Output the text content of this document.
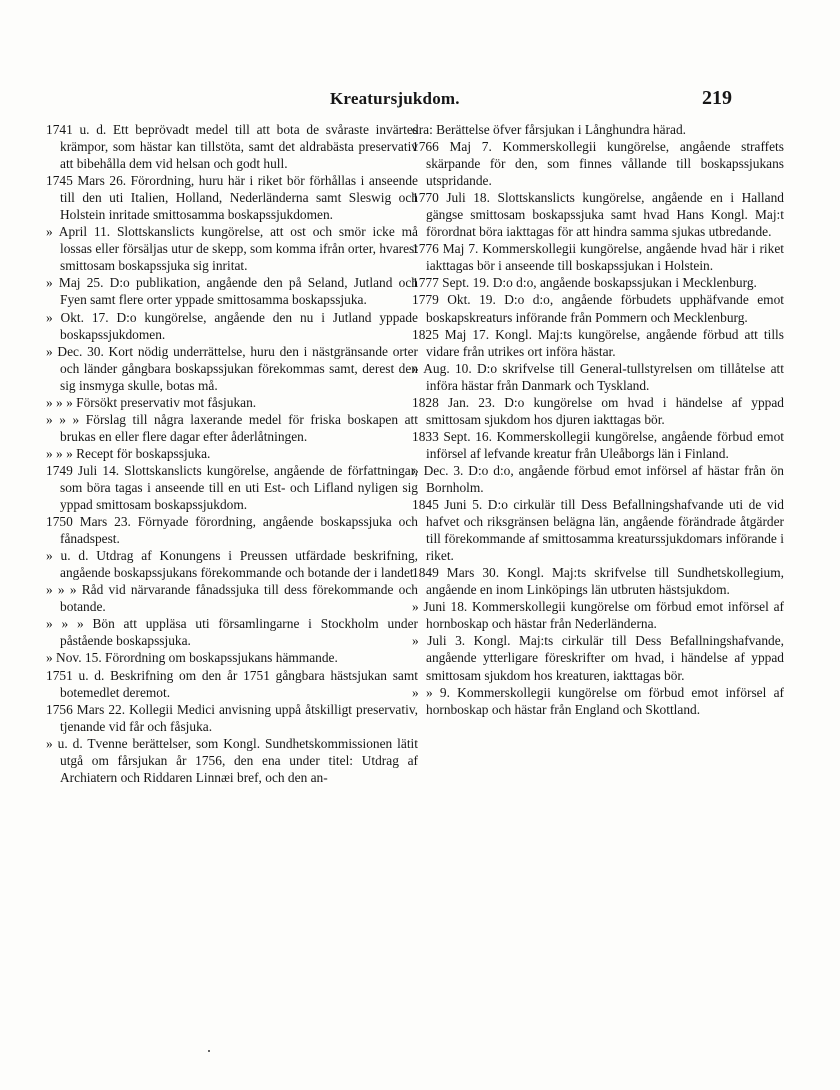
Kreatursjukdom.	219

1741 u. d. Ett beprövadt medel till att bota de svåraste invärtes krämpor, som hästar kan tillstöta, samt det aldrabästa preservativ att bibehålla dem vid helsan och godt hull.

1745 Mars 26. Förordning, huru här i riket bör förhållas i anseende till den uti Italien, Holland, Nederländerna samt Sleswig och Holstein inritade smittosamma boskapssjukdomen.

» April 11. Slottskanslicts kungörelse, att ost och smör icke må lossas eller försäljas utur de skepp, som komma ifrån orter, hvarest smittosam boskapssjuka sig inritat.

» Maj 25. D:o publikation, angående den på Seland, Jutland och Fyen samt flere orter yppade smittosamma boskapssjuka.

» Okt. 17. D:o kungörelse, angående den nu i Jutland yppade boskapssjukdomen.

» Dec. 30. Kort nödig underrättelse, huru den i nästgränsande orter och länder gångbara boskapssjukan förekommas samt, derest den sig insmyga skulle, botas må.

» » » Försökt preservativ mot fåsjukan.

» » » Förslag till några laxerande medel för friska boskapen att brukas en eller flere dagar efter åderlåtningen.

» » » Recept för boskapssjuka.

1749 Juli 14. Slottskanslicts kungörelse, angående de författningar, som böra tagas i anseende till en uti Est- och Lifland nyligen sig yppad smittosam boskapssjukdom.

1750 Mars 23. Förnyade förordning, angående boskapssjuka och fånadspest.

» u. d. Utdrag af Konungens i Preussen utfärdade beskrifning, angående boskapssjukans förekommande och botande der i landet.

» » » Råd vid närvarande fånadssjuka till dess förekommande och botande.

» » » Bön att uppläsa uti församlingarne i Stockholm under påstående boskapssjuka.

» Nov. 15. Förordning om boskapssjukans hämmande.

1751 u. d. Beskrifning om den år 1751 gångbara hästsjukan samt botemedlet deremot.

1756 Mars 22. Kollegii Medici anvisning uppå åtskilligt preservativ, tjenande vid får och fåsjuka.

» u. d. Tvenne berättelser, som Kongl. Sundhetskommissionen lätit utgå om fårsjukan år 1756, den ena under titel: Utdrag af Archiatern och Riddaren Linnæi bref, och den an-

dra: Berättelse öfver fårsjukan i Långhundra härad.

1766 Maj 7. Kommerskollegii kungörelse, angående straffets skärpande för den, som finnes vållande till boskapssjukans utspridande.

1770 Juli 18. Slottskanslicts kungörelse, angående en i Halland gängse smittosam boskapssjuka samt hvad Hans Kongl. Maj:t förordnat böra iakttagas för att hindra samma sjukas utbredande.

1776 Maj 7. Kommerskollegii kungörelse, angående hvad här i riket iakttagas bör i anseende till boskapssjukan i Holstein.

1777 Sept. 19. D:o d:o, angående boskapssjukan i Mecklenburg.

1779 Okt. 19. D:o d:o, angående förbudets upphäfvande emot boskapskreaturs införande från Pommern och Mecklenburg.

1825 Maj 17. Kongl. Maj:ts kungörelse, angående förbud att tills vidare från utrikes ort införa hästar.

» Aug. 10. D:o skrifvelse till General-tullstyrelsen om tillåtelse att införa hästar från Danmark och Tyskland.

1828 Jan. 23. D:o kungörelse om hvad i händelse af yppad smittosam sjukdom hos djuren iakttagas bör.

1833 Sept. 16. Kommerskollegii kungörelse, angående förbud emot införsel af lefvande kreatur från Uleåborgs län i Finland.

» Dec. 3. D:o d:o, angående förbud emot införsel af hästar från ön Bornholm.

1845 Juni 5. D:o cirkulär till Dess Befallningshafvande uti de vid hafvet och riksgränsen belägna län, angående förändrade åtgärder till förekommande af smittosamma kreaturssjukdomars införande i riket.

1849 Mars 30. Kongl. Maj:ts skrifvelse till Sundhetskollegium, angående en inom Linköpings län utbruten hästsjukdom.

» Juni 18. Kommerskollegii kungörelse om förbud emot införsel af hornboskap och hästar från Nederländerna.

» Juli 3. Kongl. Maj:ts cirkulär till Dess Befallningshafvande, angående ytterligare föreskrifter om hvad, i händelse af yppad smittosam sjukdom hos kreaturen, iakttagas bör.

» » 9. Kommerskollegii kungörelse om förbud emot införsel af hornboskap och hästar från England och Skottland.
